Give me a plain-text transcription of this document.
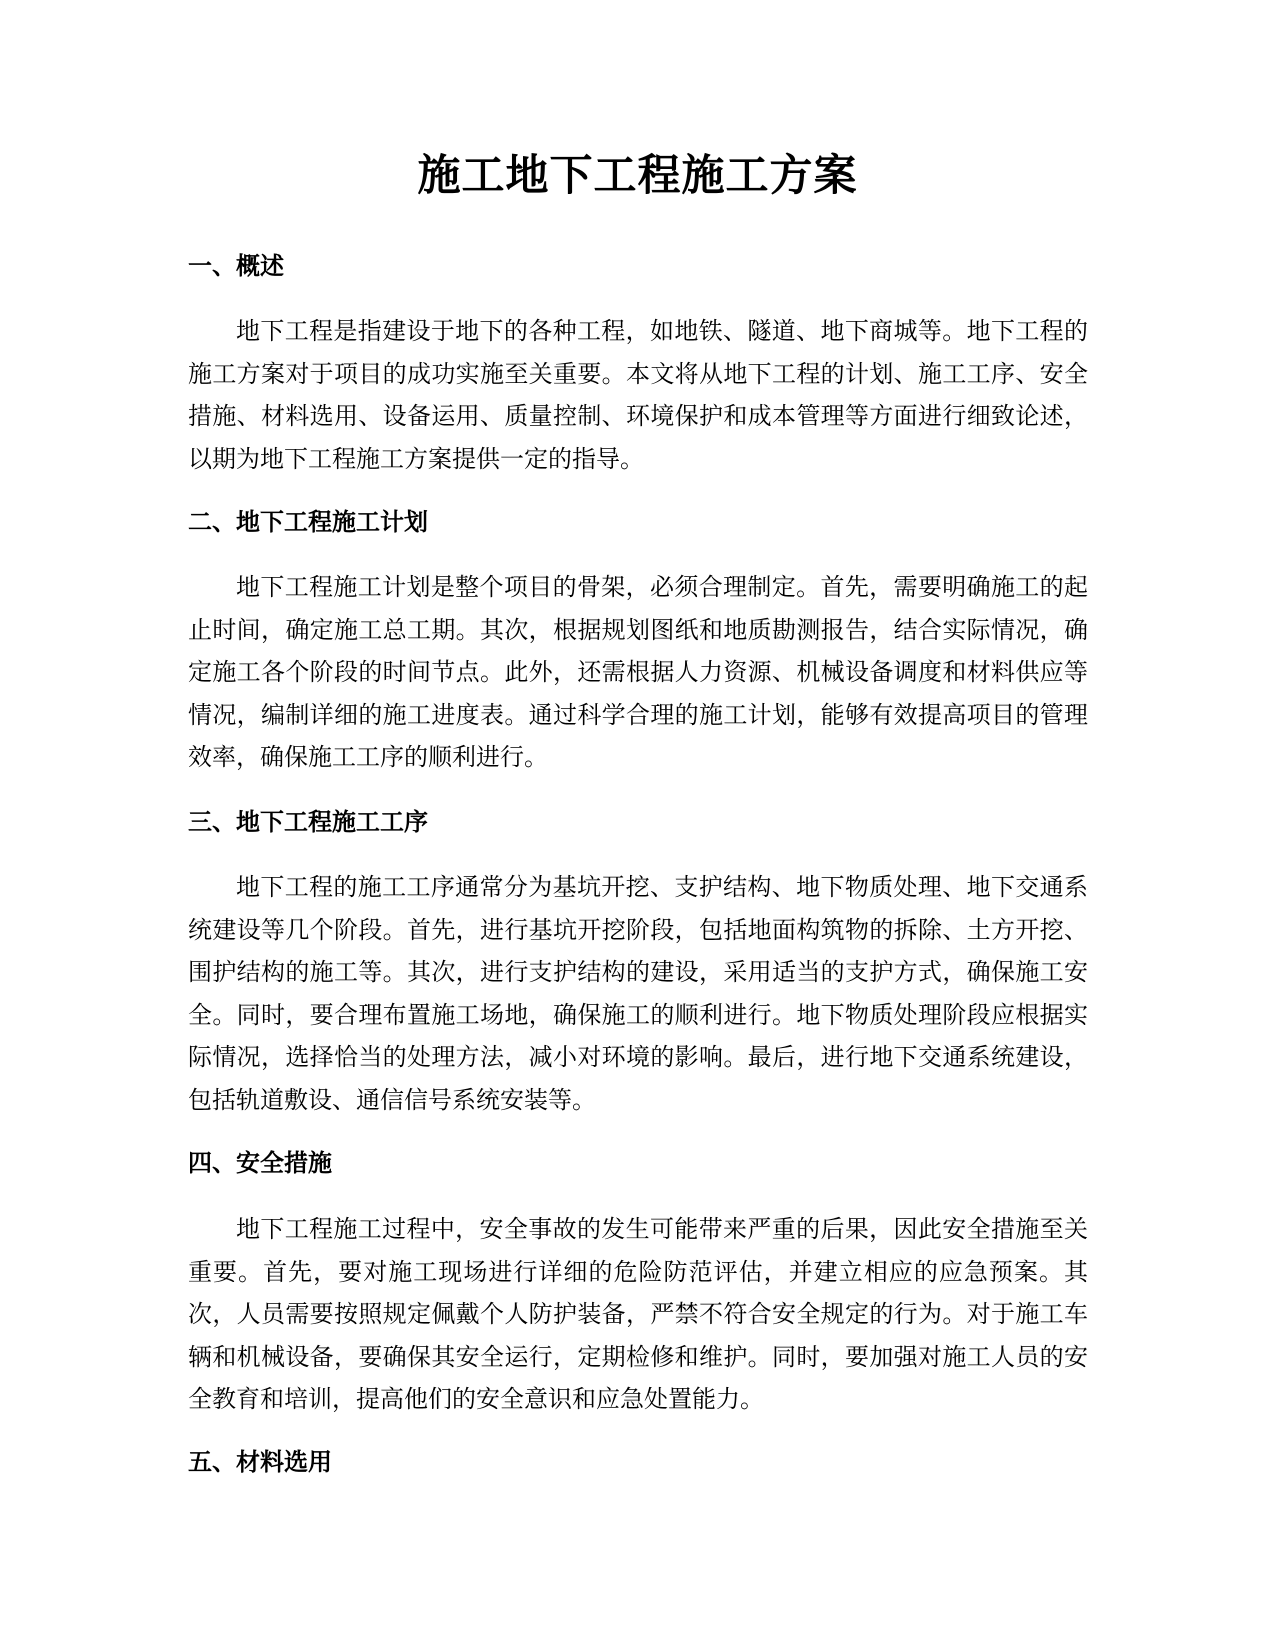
施工地下工程施工方案
一、概述

地下工程是指建设于地下的各种工程，如地铁、隧道、地下商城等。地下工程的施工方案对于项目的成功实施至关重要。本文将从地下工程的计划、施工工序、安全措施、材料选用、设备运用、质量控制、环境保护和成本管理等方面进行细致论述，以期为地下工程施工方案提供一定的指导。

二、地下工程施工计划

地下工程施工计划是整个项目的骨架，必须合理制定。首先，需要明确施工的起止时间，确定施工总工期。其次，根据规划图纸和地质勘测报告，结合实际情况，确定施工各个阶段的时间节点。此外，还需根据人力资源、机械设备调度和材料供应等情况，编制详细的施工进度表。通过科学合理的施工计划，能够有效提高项目的管理效率，确保施工工序的顺利进行。

三、地下工程施工工序

地下工程的施工工序通常分为基坑开挖、支护结构、地下物质处理、地下交通系统建设等几个阶段。首先，进行基坑开挖阶段，包括地面构筑物的拆除、土方开挖、围护结构的施工等。其次，进行支护结构的建设，采用适当的支护方式，确保施工安全。同时，要合理布置施工场地，确保施工的顺利进行。地下物质处理阶段应根据实际情况，选择恰当的处理方法，减小对环境的影响。最后，进行地下交通系统建设，包括轨道敷设、通信信号系统安装等。

四、安全措施

地下工程施工过程中，安全事故的发生可能带来严重的后果，因此安全措施至关重要。首先，要对施工现场进行详细的危险防范评估，并建立相应的应急预案。其次，人员需要按照规定佩戴个人防护装备，严禁不符合安全规定的行为。对于施工车辆和机械设备，要确保其安全运行，定期检修和维护。同时，要加强对施工人员的安全教育和培训，提高他们的安全意识和应急处置能力。

五、材料选用
